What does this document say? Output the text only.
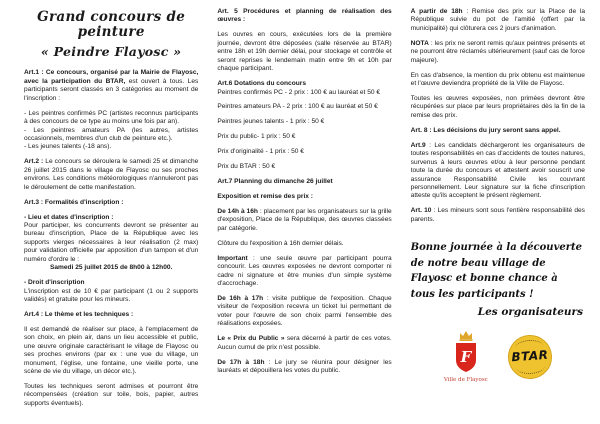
Grand concours de peinture
« Peindre Flayosc »

Art.1 : Ce concours, organisé par la Mairie de Flayosc, avec la participation du BTAR, est ouvert à tous. Les participants seront classés en 3 catégories au moment de l'inscription :

- Les peintres confirmés PC (artistes reconnus participants à des concours de ce type au moins une fois par an).

- Les peintres amateurs PA (les autres, artistes occasionnels, membres d'un club de peinture etc.).

- Les jeunes talents (-18 ans).

Art.2 : Le concours se déroulera le samedi 25 et dimanche 26 juillet 2015 dans le village de Flayosc ou ses proches environs. Les conditions météorologiques n'annuleront pas le déroulement de cette manifestation.

Art.3 : Formalités d'inscription :

- Lieu et dates d'inscription :

Pour participer, les concurrents devront se présenter au bureau d'inscription, Place de la République avec les supports vierges nécessaires à leur réalisation (2 max) pour validation officielle par apposition d'un tampon et d'un numéro d'ordre le :

Samedi 25 juillet 2015 de 8h00 à 12h00.

- Droit d'inscription

L'inscription est de 10 € par participant (1 ou 2 supports validés) et gratuite pour les mineurs.

Art.4 : Le thème et les techniques :

Il est demandé de réaliser sur place, à l'emplacement de son choix, en plein air, dans un lieu accessible et public, une œuvre originale caractérisant le village de Flayosc ou ses proches environs (par ex : une vue du village, un monument, l'église, une fontaine, une vieille porte, une scène de vie du village, un décor etc.).

Toutes les techniques seront admises et pourront être récompensées (création sur toile, bois, papier, autres supports éventuels).

Art. 5 Procédures et planning de réalisation des œuvres :

Les ouvres en cours, exécutées lors de la première journée, devront être déposées (salle réservée au BTAR) entre 18h et 19h dernier délai, pour stockage et contrôle et seront reprises le lendemain matin entre 9h et 10h par chaque participant.

Art.6 Dotations du concours

Peintres confirmés PC - 2 prix : 100 € au lauréat et 50 €

Peintres amateurs PA - 2 prix : 100 € au lauréat et 50 €

Peintres jeunes talents - 1 prix : 50 €

Prix du public- 1 prix : 50 €

Prix d'originalité - 1 prix : 50 €

Prix du BTAR : 50 €

Art.7 Planning du dimanche 26 juillet

Exposition et remise des prix :

De 14h à 16h : placement par les organisateurs sur la grille d'exposition, Place de la République, des œuvres classées par catégorie.

Clôture du l'exposition à 16h dernier délais.

Important : une seule œuvre par participant pourra concourir. Les œuvres exposées ne devront comporter ni cadre ni signature et être munies d'un simple système d'accrochage.

De 16h à 17h : visite publique de l'exposition. Chaque visiteur de l'exposition recevra un ticket lui permettant de voter pour l'œuvre de son choix parmi l'ensemble des réalisations exposées.

Le « Prix du Public » sera décerné à partir de ces votes. Aucun cumul de prix n'est possible.

De 17h à 18h : Le jury se réunira pour désigner les lauréats et dépouillera les votes du public.

À partir de 18h : Remise des prix sur la Place de la République suivie du pot de l'amitié (offert par la municipalité) qui clôturera ces 2 jours d'animation.

NOTA : les prix ne seront remis qu'aux peintres présents et ne pourront être réclamés ultérieurement (sauf cas de force majeure).

En cas d'absence, la mention du prix obtenu est maintenue et l'œuvre deviendra propriété de la Ville de Flayosc.

Toutes les œuvres exposées, non primées devront être récupérées sur place par leurs propriétaires dès la fin de la remise des prix.

Art. 8 : Les décisions du jury seront sans appel.

Art.9 : Les candidats déchargeront les organisateurs de toutes responsabilités en cas d'accidents de toutes natures, survenus à leurs œuvres et/ou à leur personne pendant toute la durée du concours et attestent avoir souscrit une assurance Responsabilité Civile les couvrant personnellement. Leur signature sur la fiche d'inscription atteste qu'ils acceptent le présent règlement.

Art. 10 : Les mineurs sont sous l'entière responsabilité des parents.

Bonne journée à la découverte de notre beau village de Flayosc et bonne chance à tous les participants !

Les organisateurs
F
Ville de Flayosc
BTAR
